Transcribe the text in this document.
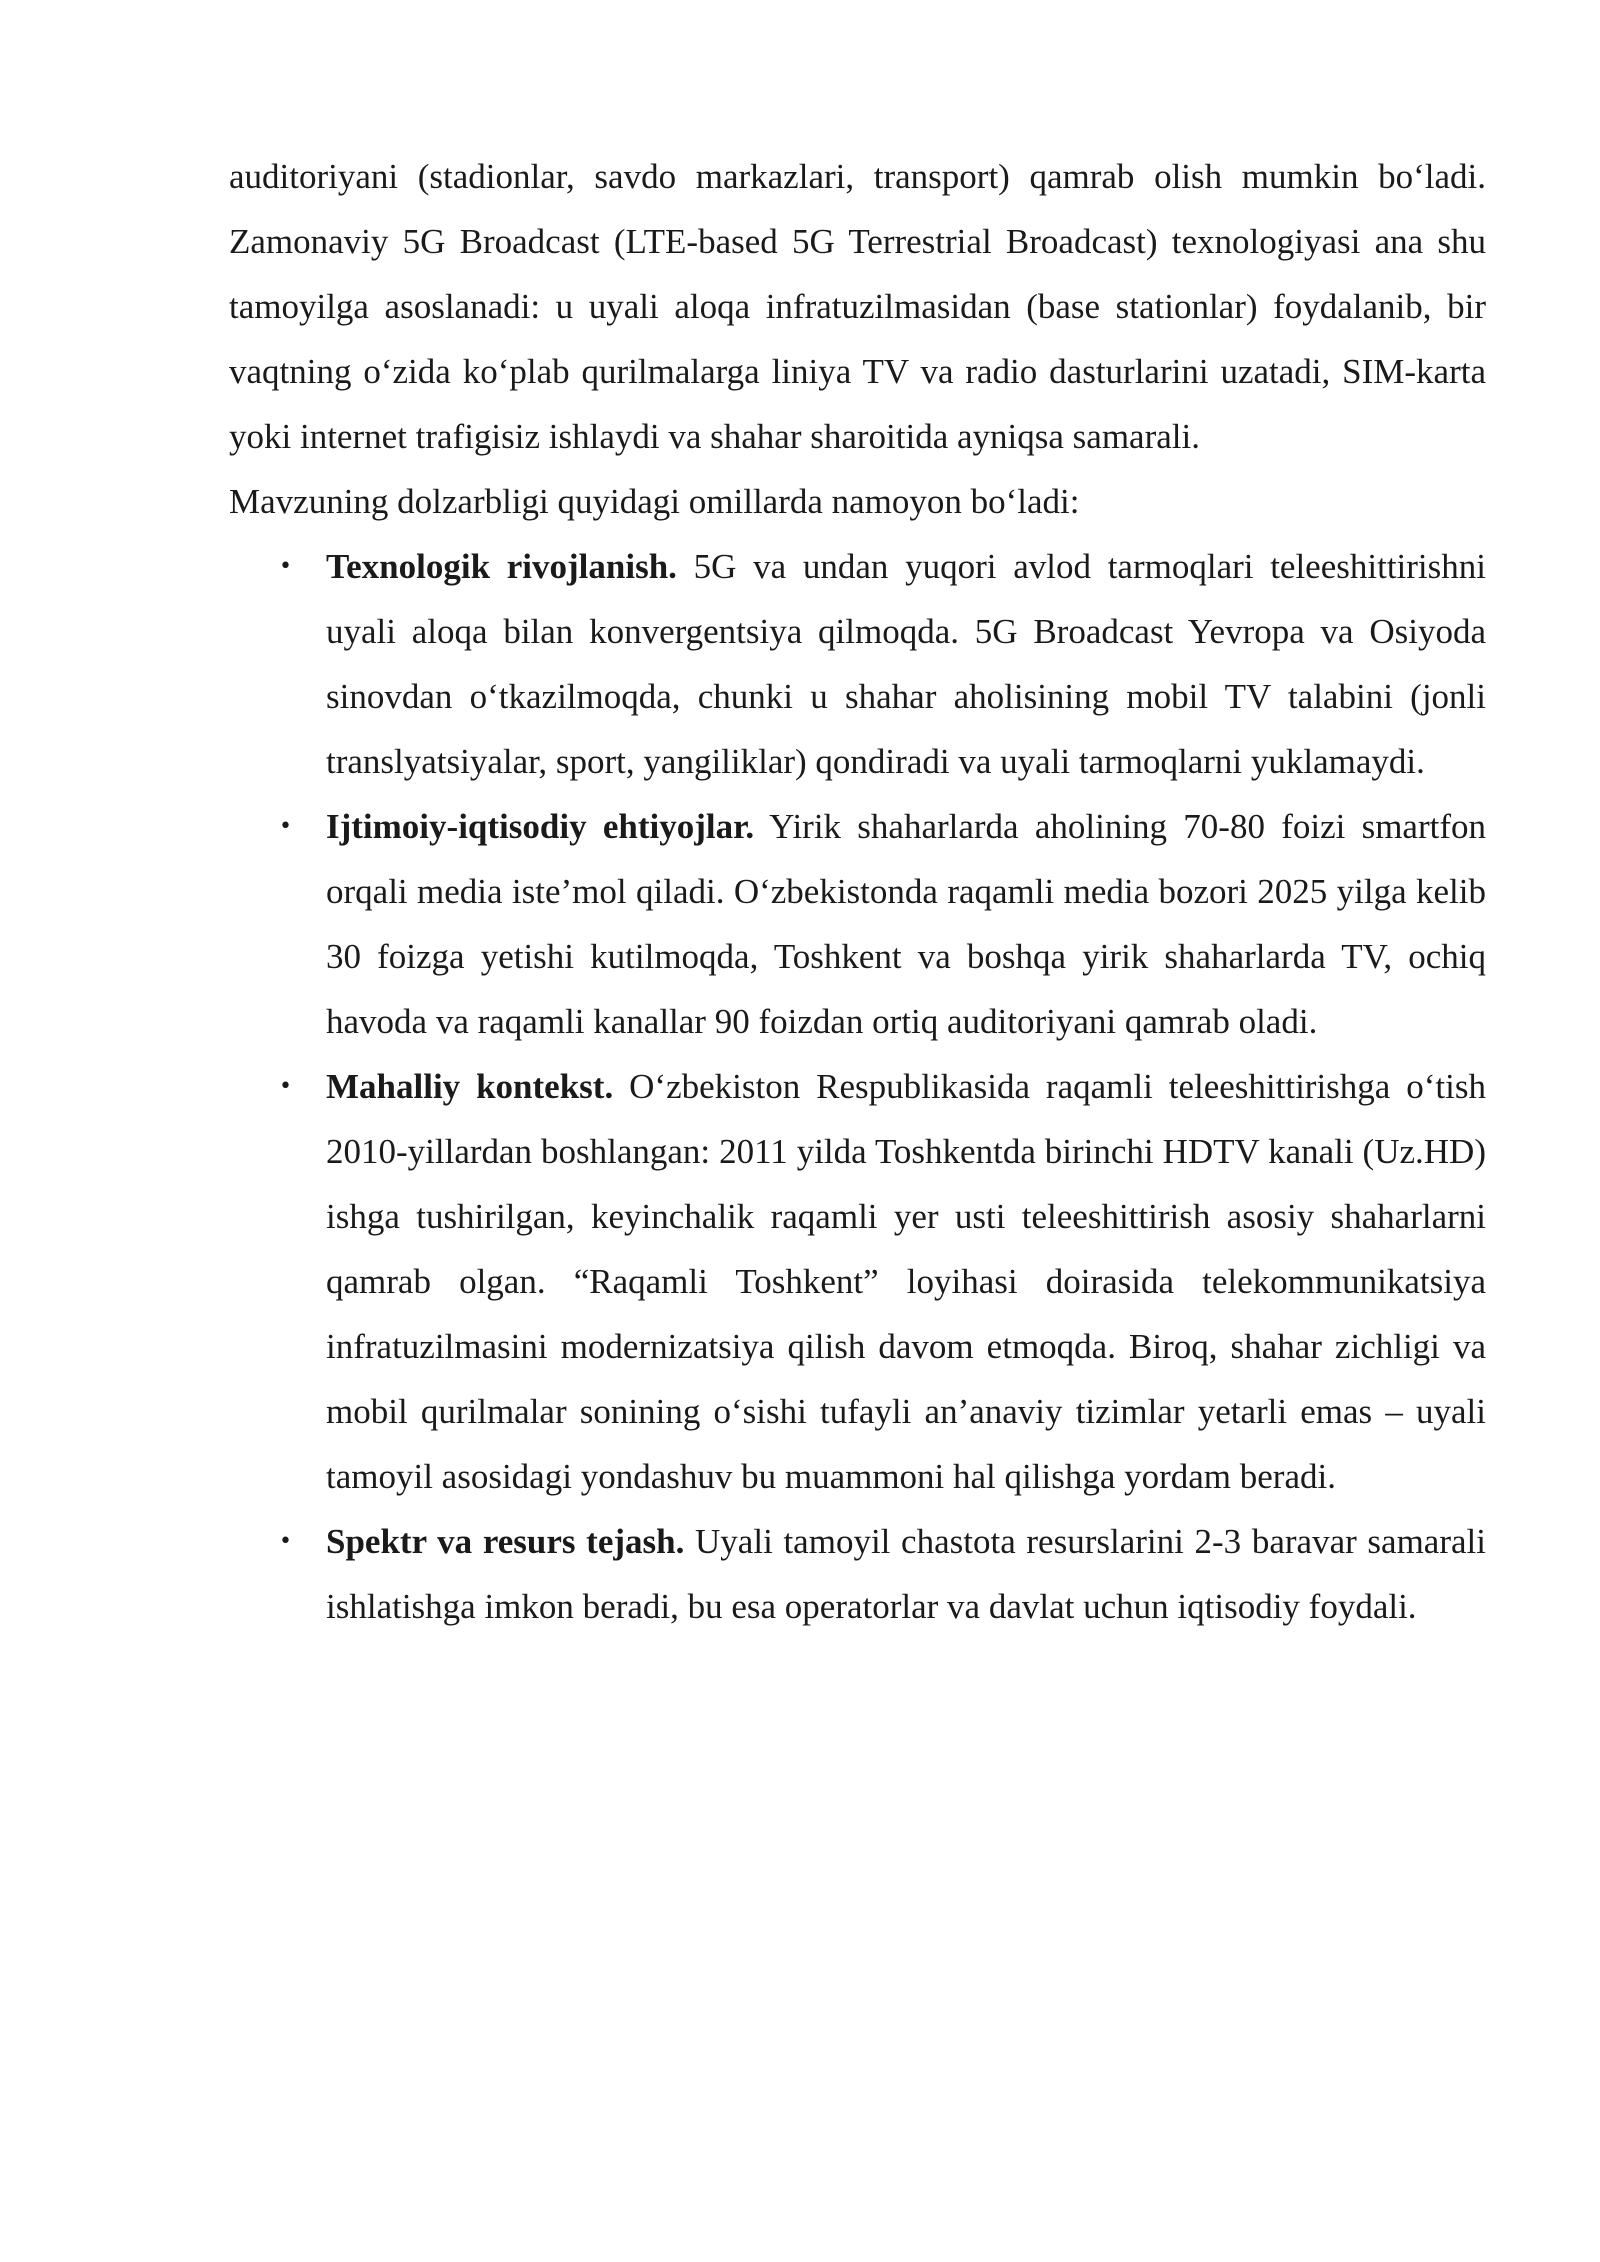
auditoriyani (stadionlar, savdo markazlari, transport) qamrab olish mumkin bo‘ladi. Zamonaviy 5G Broadcast (LTE-based 5G Terrestrial Broadcast) texnologiyasi ana shu tamoyilga asoslanadi: u uyali aloqa infratuzilmasidan (base stationlar) foydalanib, bir vaqtning o‘zida ko‘plab qurilmalarga liniya TV va radio dasturlarini uzatadi, SIM-karta yoki internet trafigisiz ishlaydi va shahar sharoitida ayniqsa samarali.

Mavzuning dolzarbligi quyidagi omillarda namoyon bo‘ladi:

• Texnologik rivojlanish. 5G va undan yuqori avlod tarmoqlari teleeshittirishni uyali aloqa bilan konvergentsiya qilmoqda. 5G Broadcast Yevropa va Osiyoda sinovdan o‘tkazilmoqda, chunki u shahar aholisining mobil TV talabini (jonli translyatsiyalar, sport, yangiliklar) qondiradi va uyali tarmoqlarni yuklamaydi.
• Ijtimoiy-iqtisodiy ehtiyojlar. Yirik shaharlarda aholining 70-80 foizi smartfon orqali media iste’mol qiladi. O‘zbekistonda raqamli media bozori 2025 yilga kelib 30 foizga yetishi kutilmoqda, Toshkent va boshqa yirik shaharlarda TV, ochiq havoda va raqamli kanallar 90 foizdan ortiq auditoriyani qamrab oladi.
• Mahalliy kontekst. O‘zbekiston Respublikasida raqamli teleeshittirishga o‘tish 2010-yillardan boshlangan: 2011 yilda Toshkentda birinchi HDTV kanali (Uz.HD) ishga tushirilgan, keyinchalik raqamli yer usti teleeshittirish asosiy shaharlarni qamrab olgan. “Raqamli Toshkent” loyihasi doirasida telekommunikatsiya infratuzilmasini modernizatsiya qilish davom etmoqda. Biroq, shahar zichligi va mobil qurilmalar sonining o‘sishi tufayli an’anaviy tizimlar yetarli emas – uyali tamoyil asosidagi yondashuv bu muammoni hal qilishga yordam beradi.
• Spektr va resurs tejash. Uyali tamoyil chastota resurslarini 2-3 baravar samarali ishlatishga imkon beradi, bu esa operatorlar va davlat uchun iqtisodiy foydali.
